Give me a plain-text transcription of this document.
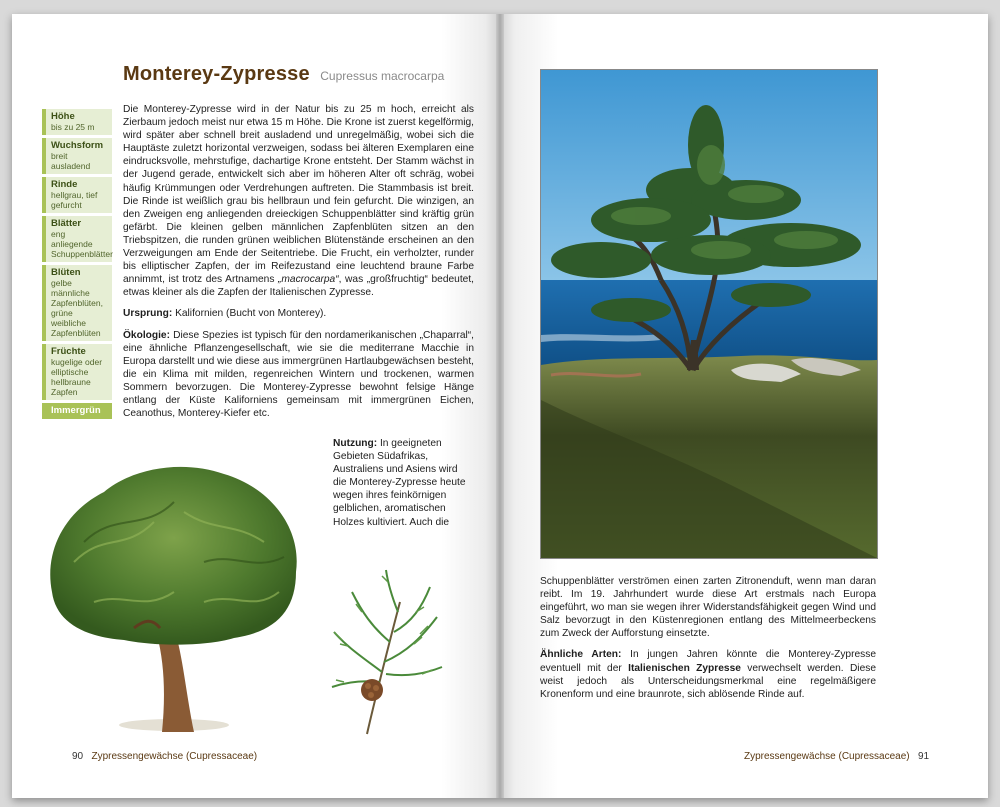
Monterey-Zypresse Cupressus macrocarpa
Höhe
bis zu 25 m
Wuchsform
breit ausladend
Rinde
hellgrau, tief gefurcht
Blätter
eng anliegende Schuppenblätter
Blüten
gelbe männliche Zapfenblüten, grüne weibliche Zapfenblüten
Früchte
kugelige oder elliptische hellbraune Zapfen
Immergrün

Die Monterey-Zypresse wird in der Natur bis zu 25 m hoch, erreicht als Zierbaum jedoch meist nur etwa 15 m Höhe. Die Krone ist zuerst kegelförmig, wird später aber schnell breit ausladend und unregelmäßig, wobei sich die Hauptäste zuletzt horizontal verzweigen, sodass bei älteren Exemplaren eine eindrucksvolle, mehrstufige, dachartige Krone entsteht. Der Stamm wächst in der Jugend gerade, entwickelt sich aber im höheren Alter oft schräg, wobei häufig Krümmungen oder Verdrehungen auftreten. Die Stammbasis ist breit. Die Rinde ist weißlich grau bis hellbraun und fein gefurcht. Die winzigen, an den Zweigen eng anliegenden dreieckigen Schuppenblätter sind kräftig grün gefärbt. Die kleinen gelben männlichen Zapfenblüten sitzen an den Triebspitzen, die runden grünen weiblichen Blütenstände erscheinen an den Verzweigungen am Ende der Seitentriebe. Die Frucht, ein verholzter, runder bis elliptischer Zapfen, der im Reifezustand eine leuchtend braune Farbe annimmt, ist trotz des Artnamens „macrocarpa“, was „großfruchtig“ bedeutet, etwas kleiner als die Zapfen der Italienischen Zypresse.

Ursprung: Kalifornien (Bucht von Monterey).

Ökologie: Diese Spezies ist typisch für den nordamerikanischen „Chaparral“, eine ähnliche Pflanzengesellschaft, wie sie die mediterrane Macchie in Europa darstellt und wie diese aus immergrünen Hartlaubgewächsen besteht, die ein Klima mit milden, regenreichen Wintern und trockenen, warmen Sommern bevorzugen. Die Monterey-Zypresse bewohnt felsige Hänge entlang der Küste Kaliforniens gemeinsam mit immergrünen Eichen, Ceanothus, Monterey-Kiefer etc.

Nutzung: In geeigneten Gebieten Südafrikas, Australiens und Asiens wird die Monterey-Zypresse heute wegen ihres feinkörnigen gelblichen, aromatischen Holzes kultiviert. Auch die

90 Zypressengewächse (Cupressaceae)

Schuppenblätter verströmen einen zarten Zitronenduft, wenn man daran reibt. Im 19. Jahrhundert wurde diese Art erstmals nach Europa eingeführt, wo man sie wegen ihrer Widerstandsfähigkeit gegen Wind und Salz bevorzugt in den Küstenregionen entlang des Mittelmeerbeckens zum Zweck der Aufforstung einsetzte.

Ähnliche Arten: In jungen Jahren könnte die Monterey-Zypresse eventuell mit der Italienischen Zypresse verwechselt werden. Diese weist jedoch als Unterscheidungsmerkmal eine regelmäßigere Kronenform und eine braunrote, sich ablösende Rinde auf.

Zypressengewächse (Cupressaceae) 91
